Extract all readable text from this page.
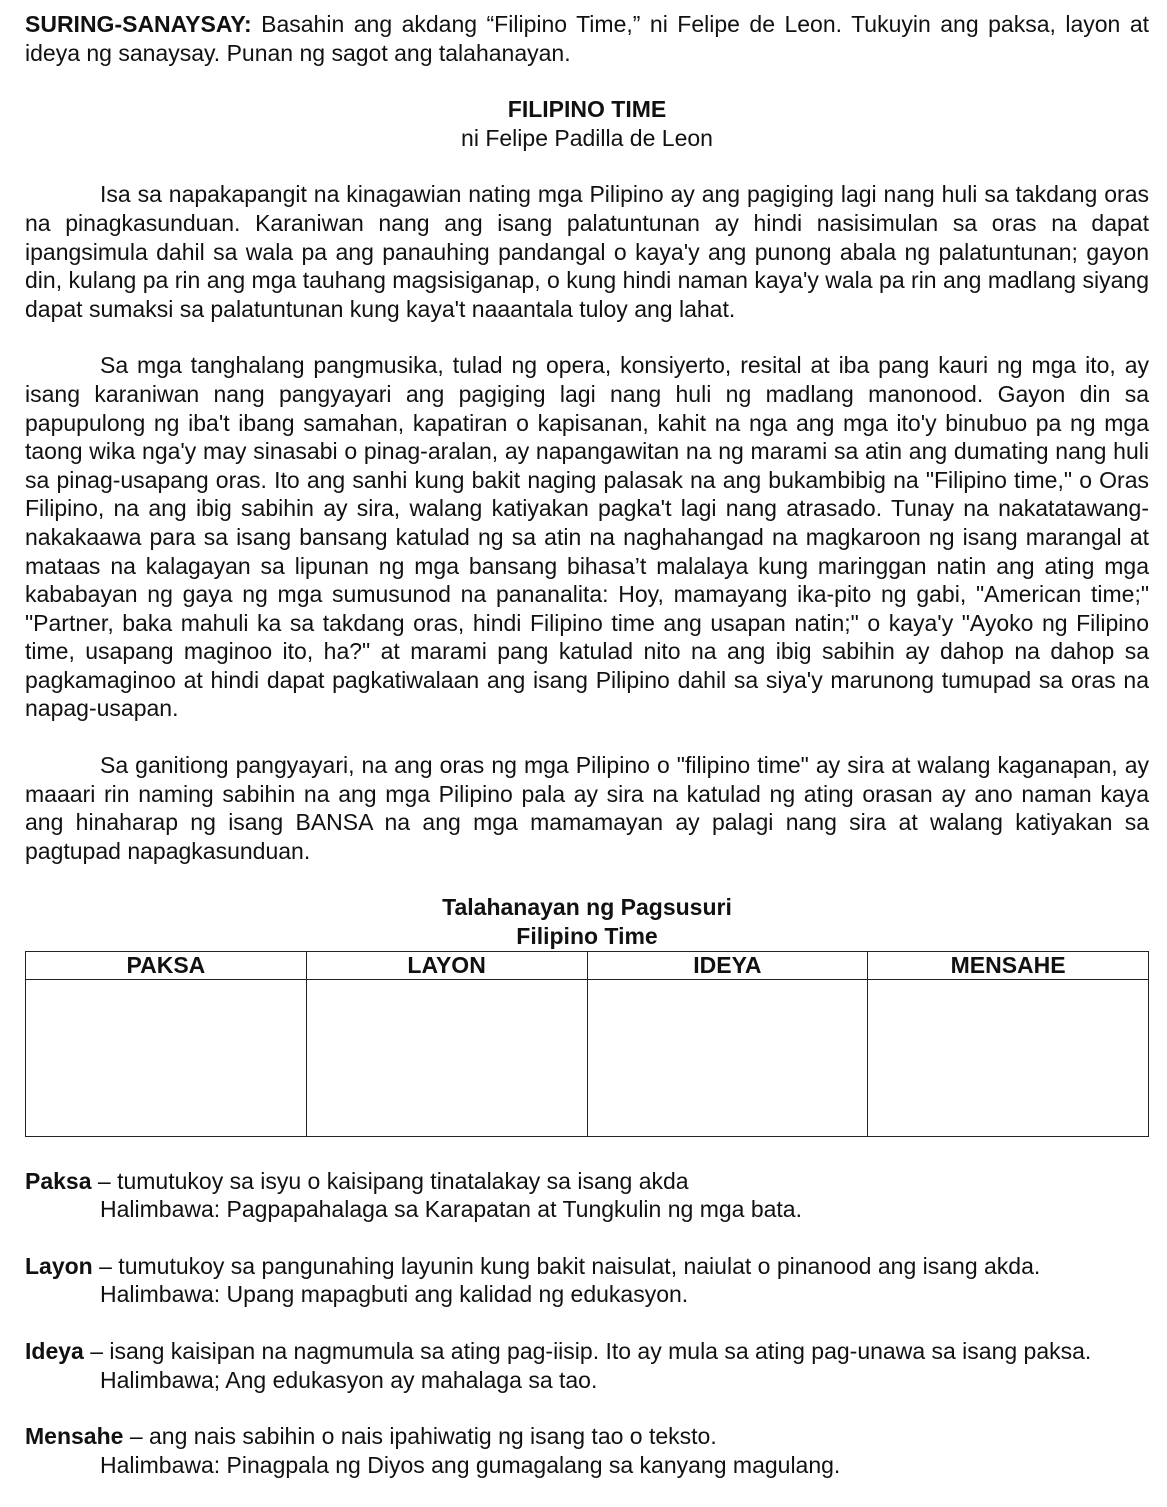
SURING-SANAYSAY: Basahin ang akdang “Filipino Time,” ni Felipe de Leon. Tukuyin ang paksa, layon at ideya ng sanaysay. Punan ng sagot ang talahanayan.

FILIPINO TIME

ni Felipe Padilla de Leon

Isa sa napakapangit na kinagawian nating mga Pilipino ay ang pagiging lagi nang huli sa takdang oras na pinagkasunduan. Karaniwan nang ang isang palatuntunan ay hindi nasisimulan sa oras na dapat ipangsimula dahil sa wala pa ang panauhing pandangal o kaya'y ang punong abala ng palatuntunan; gayon din, kulang pa rin ang mga tauhang magsisiganap, o kung hindi naman kaya'y wala pa rin ang madlang siyang dapat sumaksi sa palatuntunan kung kaya't naaantala tuloy ang lahat.

Sa mga tanghalang pangmusika, tulad ng opera, konsiyerto, resital at iba pang kauri ng mga ito, ay isang karaniwan nang pangyayari ang pagiging lagi nang huli ng madlang manonood. Gayon din sa papupulong ng iba't ibang samahan, kapatiran o kapisanan, kahit na nga ang mga ito'y binubuo pa ng mga taong wika nga'y may sinasabi o pinag-aralan, ay napangawitan na ng marami sa atin ang dumating nang huli sa pinag-usapang oras. Ito ang sanhi kung bakit naging palasak na ang bukambibig na "Filipino time," o Oras Filipino, na ang ibig sabihin ay sira, walang katiyakan pagka't lagi nang atrasado. Tunay na nakatatawang-nakakaawa para sa isang bansang katulad ng sa atin na naghahangad na magkaroon ng isang marangal at mataas na kalagayan sa lipunan ng mga bansang bihasa’t malalaya kung maringgan natin ang ating mga kababayan ng gaya ng mga sumusunod na pananalita: Hoy, mamayang ika-pito ng gabi, "American time;" "Partner, baka mahuli ka sa takdang oras, hindi Filipino time ang usapan natin;" o kaya'y "Ayoko ng Filipino time, usapang maginoo ito, ha?" at marami pang katulad nito na ang ibig sabihin ay dahop na dahop sa pagkamaginoo at hindi dapat pagkatiwalaan ang isang Pilipino dahil sa siya'y marunong tumupad sa oras na napag-usapan.

Sa ganitiong pangyayari, na ang oras ng mga Pilipino o "filipino time" ay sira at walang kaganapan, ay maaari rin naming sabihin na ang mga Pilipino pala ay sira na katulad ng ating orasan ay ano naman kaya ang hinaharap ng isang BANSA na ang mga mamamayan ay palagi nang sira at walang katiyakan sa pagtupad napagkasunduan.

Talahanayan ng Pagsusuri

Filipino Time

PAKSA	LAYON	IDEYA	MENSAHE

Paksa – tumutukoy sa isyu o kaisipang tinatalakay sa isang akda

Halimbawa: Pagpapahalaga sa Karapatan at Tungkulin ng mga bata.

Layon – tumutukoy sa pangunahing layunin kung bakit naisulat, naiulat o pinanood ang isang akda.

Halimbawa: Upang mapagbuti ang kalidad ng edukasyon.

Ideya – isang kaisipan na nagmumula sa ating pag-iisip. Ito ay mula sa ating pag-unawa sa isang paksa.

Halimbawa; Ang edukasyon ay mahalaga sa tao.

Mensahe – ang nais sabihin o nais ipahiwatig ng isang tao o teksto.

Halimbawa: Pinagpala ng Diyos ang gumagalang sa kanyang magulang.
